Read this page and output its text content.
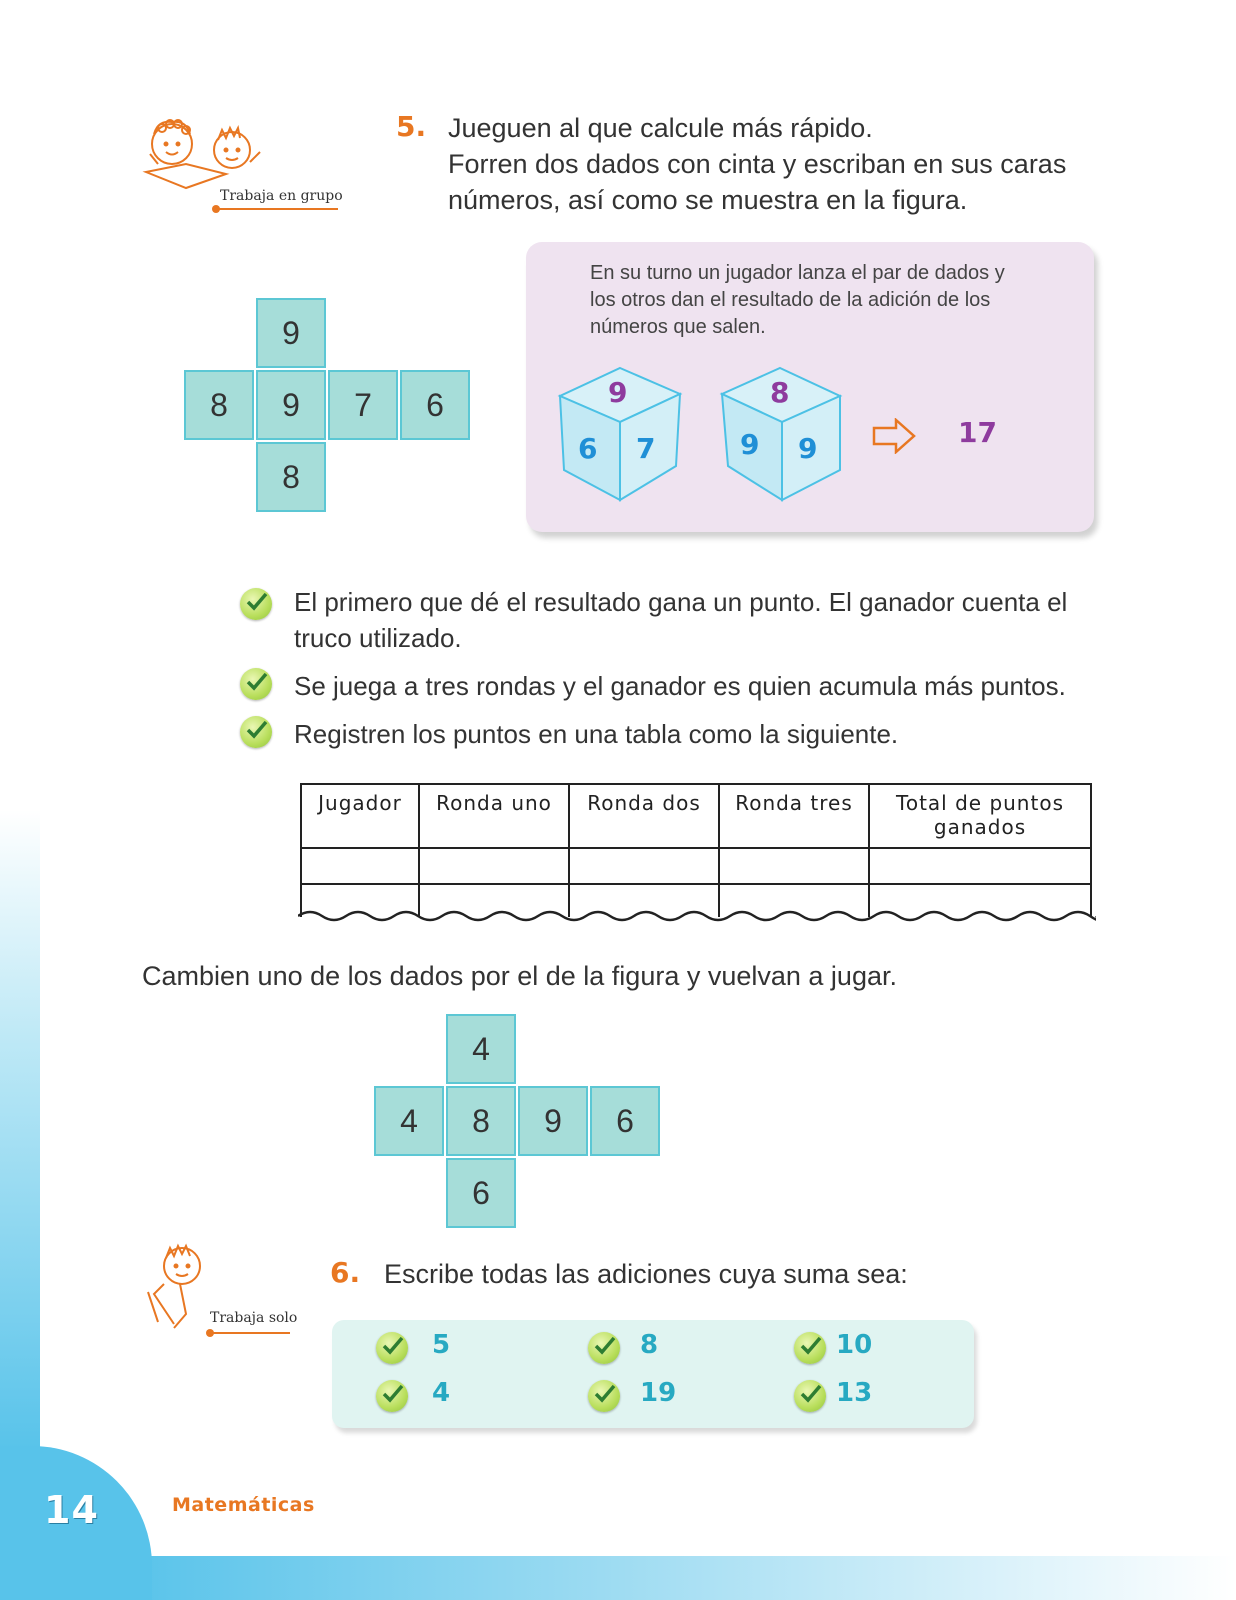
14	Matemáticas
Trabaja en grupo
5. Jueguen al que calcule más rápido.
Forren dos dados con cinta y escriban en sus caras
números, así como se muestra en la figura.
9
8	9	7	6
8
En su turno un jugador lanza el par de dados y
los otros dan el resultado de la adición de los
números que salen.
9
6 7
8
9 9	17
El primero que dé el resultado gana un punto. El ganador cuenta el
truco utilizado.
Se juega a tres rondas y el ganador es quien acumula más puntos.
Registren los puntos en una tabla como la siguiente.
Jugador	Ronda uno	Ronda dos	Ronda tres	Total de puntos ganados

Cambien uno de los dados por el de la figura y vuelvan a jugar.
4
4	8	9	6
6
Trabaja solo
6. Escribe todas las adiciones cuya suma sea:
5	8	10
4	19	13
